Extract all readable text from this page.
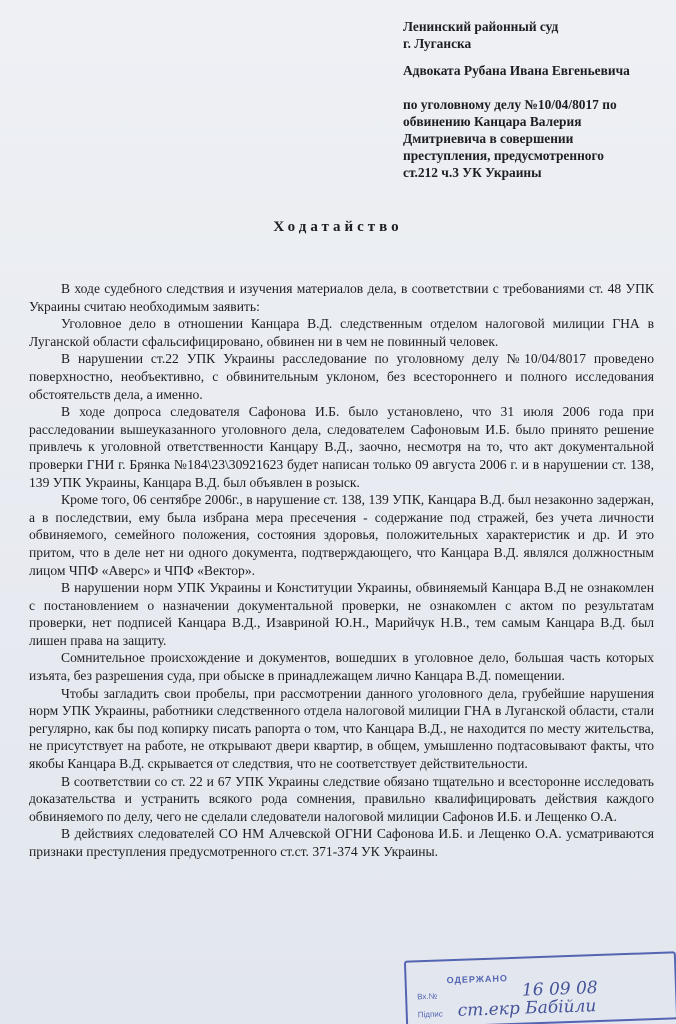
Ленинский районный суд
г. Луганска
Адвоката Рубана Ивана Евгеньевича
по уголовному делу №10/04/8017 по
обвинению Канцара Валерия
Дмитриевича в совершении
преступления, предусмотренного
ст.212 ч.3 УК Украины
Ходатайство

В ходе судебного следствия и изучения материалов дела, в соответствии с требованиями ст. 48 УПК Украины считаю необходимым заявить:

Уголовное дело в отношении Канцара В.Д. следственным отделом налоговой милиции ГНА в Луганской области сфальсифицировано, обвинен ни в чем не повинный человек.

В нарушении ст.22 УПК Украины расследование по уголовному делу №10/04/8017 проведено поверхностно, необъективно, с обвинительным уклоном, без всестороннего и полного исследования обстоятельств дела, а именно.

В ходе допроса следователя Сафонова И.Б. было установлено, что 31 июля 2006 года при расследовании вышеуказанного уголовного дела, следователем Сафоновым И.Б. было принято решение привлечь к уголовной ответственности Канцару В.Д., заочно, несмотря на то, что акт документальной проверки ГНИ г. Брянка №184\23\30921623 будет написан только 09 августа 2006 г. и в нарушении ст. 138, 139 УПК Украины, Канцара В.Д. был объявлен в розыск.

Кроме того, 06 сентябре 2006г., в нарушение ст. 138, 139 УПК, Канцара В.Д. был незаконно задержан, а в последствии, ему была избрана мера пресечения - содержание под стражей, без учета личности обвиняемого, семейного положения, состояния здоровья, положительных характеристик и др. И это притом, что в деле нет ни одного документа, подтверждающего, что Канцара В.Д. являлся должностным лицом ЧПФ «Аверс» и ЧПФ «Вектор».

В нарушении норм УПК Украины и Конституции Украины, обвиняемый Канцара В.Д не ознакомлен с постановлением о назначении документальной проверки, не ознакомлен с актом по результатам проверки, нет подписей Канцара В.Д., Изавриной Ю.Н., Марийчук Н.В., тем самым Канцара В.Д. был лишен права на защиту.

Сомнительное происхождение и документов, вошедших в уголовное дело, большая часть которых изъята, без разрешения суда, при обыске в принадлежащем лично Канцара В.Д. помещении.

Чтобы загладить свои пробелы, при рассмотрении данного уголовного дела, грубейшие нарушения норм УПК Украины, работники следственного отдела налоговой милиции ГНА в Луганской области, стали регулярно, как бы под копирку писать рапорта о том, что Канцара В.Д., не находится по месту жительства, не присутствует на работе, не открывают двери квартир, в общем, умышленно подтасовывают факты, что якобы Канцара В.Д. скрывается от следствия, что не соответствует действительности.

В соответствии со ст. 22 и 67 УПК Украины следствие обязано тщательно и всесторонне исследовать доказательства и устранить всякого рода сомнения, правильно квалифицировать действия каждого обвиняемого по делу, чего не сделали следователи налоговой милиции Сафонов И.Б. и Лещенко О.А.

В действиях следователей СО НМ Алчевской ОГНИ Сафонова И.Б. и Лещенко О.А. усматриваются признаки преступления предусмотренного ст.ст. 371-374 УК Украины.

ОДЕРЖАНО
Вх.№	16 09 08
Підпис ст.екр Бабійли
